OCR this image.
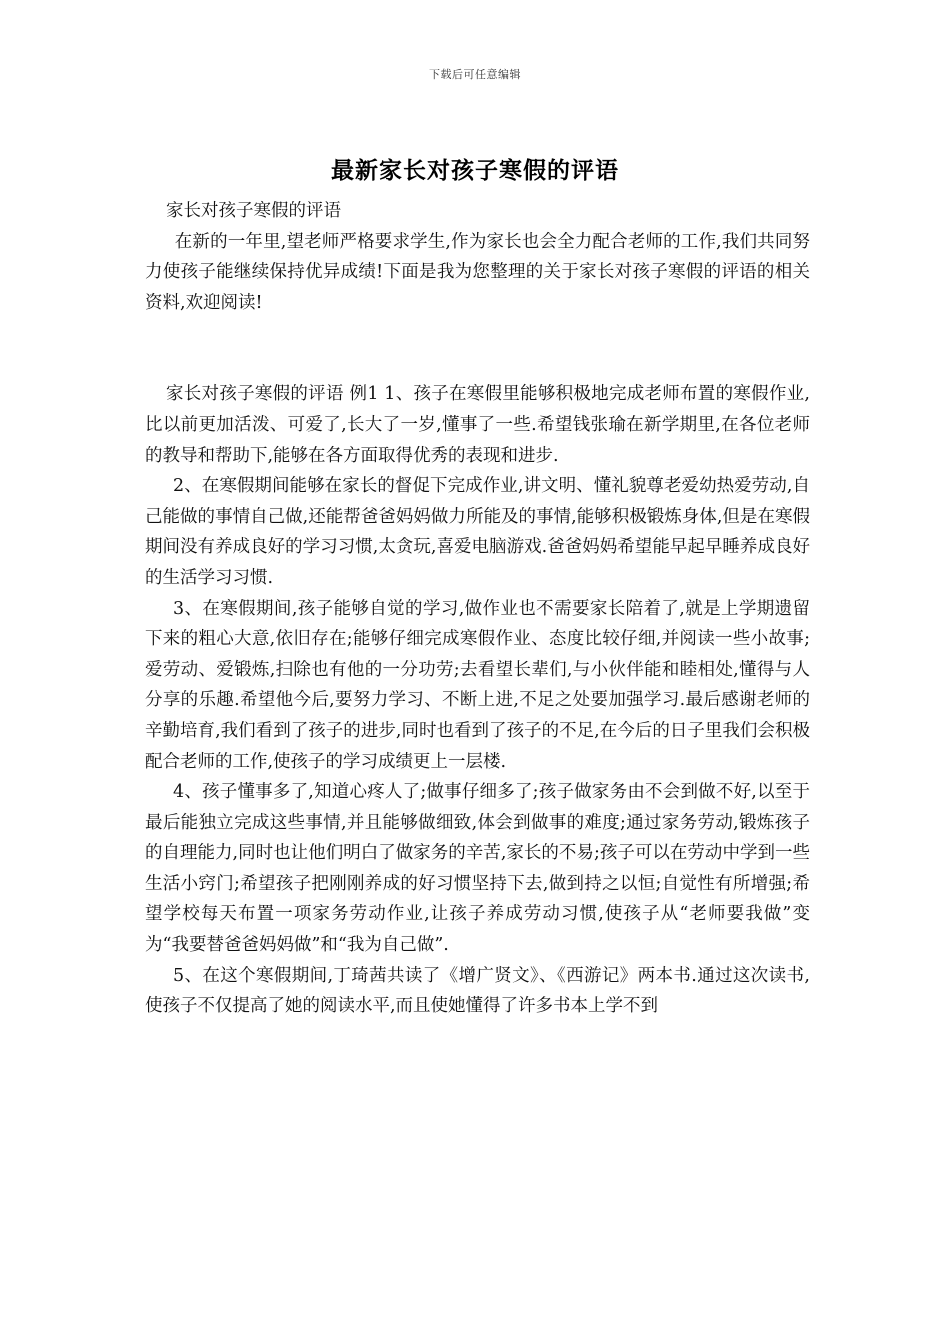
下载后可任意编辑
最新家长对孩子寒假的评语

家长对孩子寒假的评语

在新的一年里,望老师严格要求学生,作为家长也会全力配合老师的工作,我们共同努力使孩子能继续保持优异成绩!下面是我为您整理的关于家长对孩子寒假的评语的相关资料,欢迎阅读!

家长对孩子寒假的评语 例1 1、孩子在寒假里能够积极地完成老师布置的寒假作业,比以前更加活泼、可爱了,长大了一岁,懂事了一些.希望钱张瑜在新学期里,在各位老师的教导和帮助下,能够在各方面取得优秀的表现和进步.

2、在寒假期间能够在家长的督促下完成作业,讲文明、懂礼貌尊老爱幼热爱劳动,自己能做的事情自己做,还能帮爸爸妈妈做力所能及的事情,能够积极锻炼身体,但是在寒假期间没有养成良好的学习习惯,太贪玩,喜爱电脑游戏.爸爸妈妈希望能早起早睡养成良好的生活学习习惯.

3、在寒假期间,孩子能够自觉的学习,做作业也不需要家长陪着了,就是上学期遗留下来的粗心大意,依旧存在;能够仔细完成寒假作业、态度比较仔细,并阅读一些小故事;爱劳动、爱锻炼,扫除也有他的一分功劳;去看望长辈们,与小伙伴能和睦相处,懂得与人分享的乐趣.希望他今后,要努力学习、不断上进,不足之处要加强学习.最后感谢老师的辛勤培育,我们看到了孩子的进步,同时也看到了孩子的不足,在今后的日子里我们会积极配合老师的工作,使孩子的学习成绩更上一层楼.

4、孩子懂事多了,知道心疼人了;做事仔细多了;孩子做家务由不会到做不好,以至于最后能独立完成这些事情,并且能够做细致,体会到做事的难度;通过家务劳动,锻炼孩子的自理能力,同时也让他们明白了做家务的辛苦,家长的不易;孩子可以在劳动中学到一些生活小窍门;希望孩子把刚刚养成的好习惯坚持下去,做到持之以恒;自觉性有所增强;希望学校每天布置一项家务劳动作业,让孩子养成劳动习惯,使孩子从“老师要我做”变为“我要替爸爸妈妈做”和“我为自己做”.

5、在这个寒假期间,丁琦茜共读了《增广贤文》、《西游记》两本书.通过这次读书,使孩子不仅提高了她的阅读水平,而且使她懂得了许多书本上学不到
